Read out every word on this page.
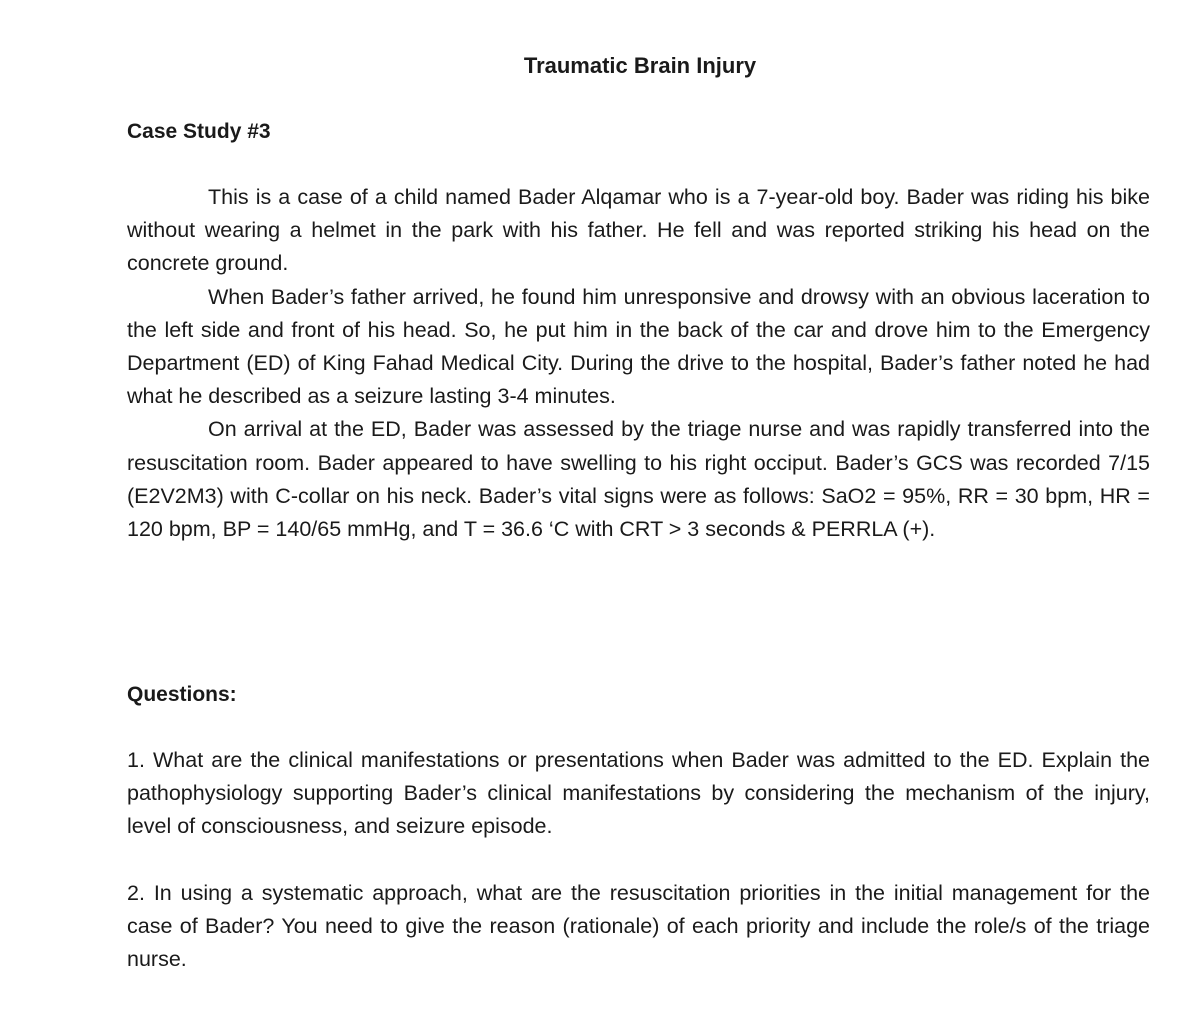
Traumatic Brain Injury
Case Study #3

This is a case of a child named Bader Alqamar who is a 7-year-old boy. Bader was riding his bike without wearing a helmet in the park with his father. He fell and was reported striking his head on the concrete ground.

When Bader’s father arrived, he found him unresponsive and drowsy with an obvious laceration to the left side and front of his head. So, he put him in the back of the car and drove him to the Emergency Department (ED) of King Fahad Medical City. During the drive to the hospital, Bader’s father noted he had what he described as a seizure lasting 3-4 minutes.

On arrival at the ED, Bader was assessed by the triage nurse and was rapidly transferred into the resuscitation room. Bader appeared to have swelling to his right occiput. Bader’s GCS was recorded 7/15 (E2V2M3) with C-collar on his neck. Bader’s vital signs were as follows: SaO2 = 95%, RR = 30 bpm, HR = 120 bpm, BP = 140/65 mmHg, and T = 36.6 ‘C with CRT > 3 seconds & PERRLA (+).

Questions:

1. What are the clinical manifestations or presentations when Bader was admitted to the ED. Explain the pathophysiology supporting Bader’s clinical manifestations by considering the mechanism of the injury, level of consciousness, and seizure episode.

2. In using a systematic approach, what are the resuscitation priorities in the initial management for the case of Bader? You need to give the reason (rationale) of each priority and include the role/s of the triage nurse.
